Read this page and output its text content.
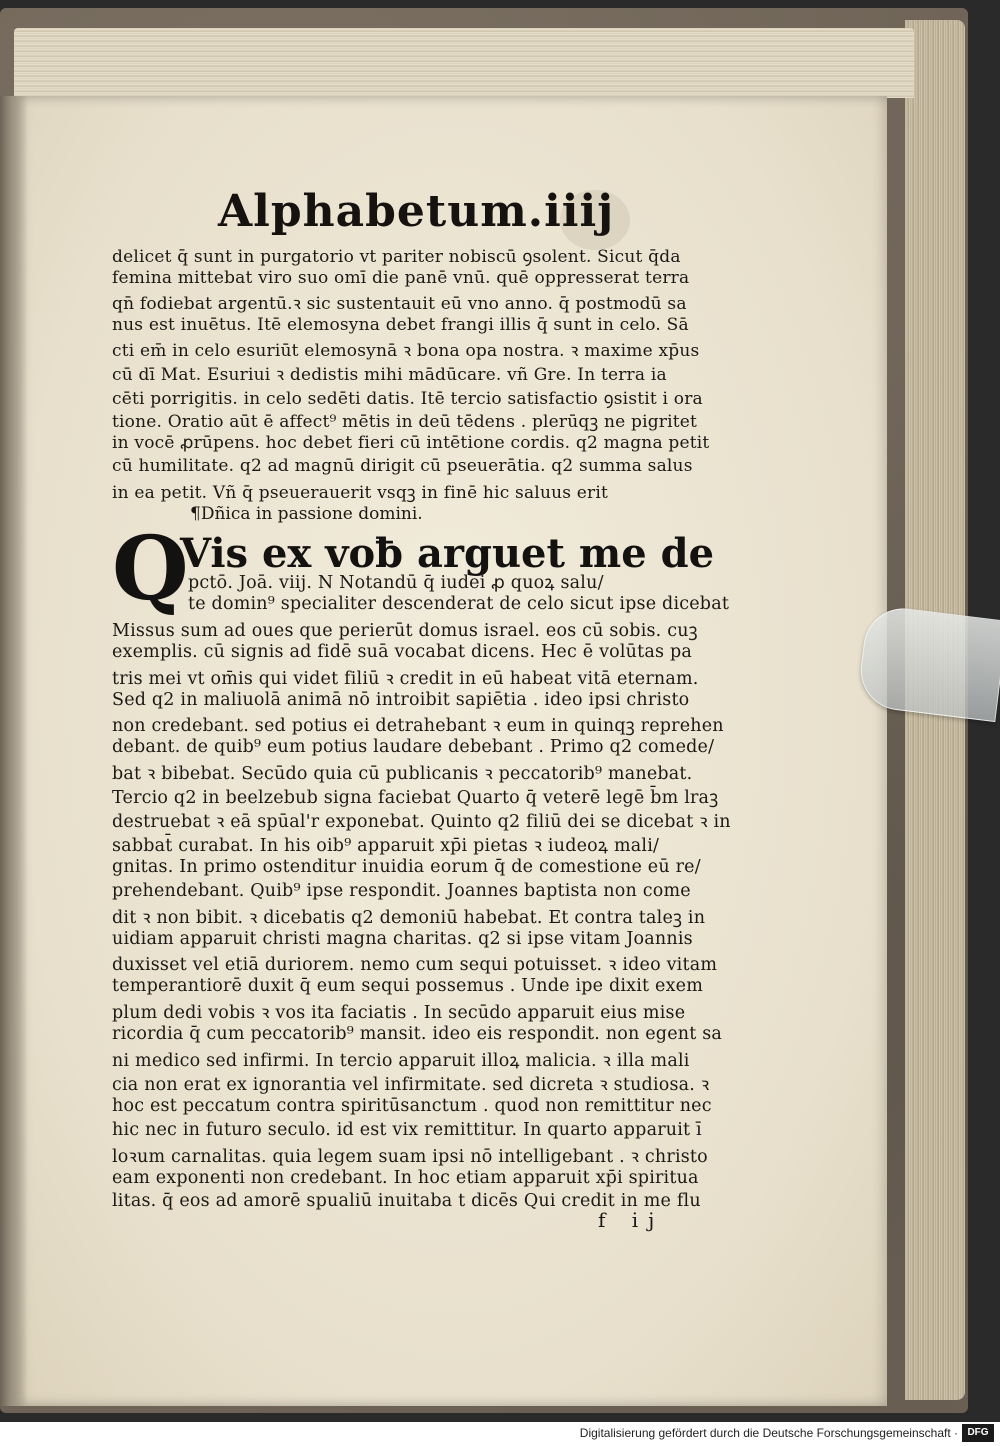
Alphabetum.iiij
delicet q̄ sunt in purgatorio vt pariter nobiscū ꝯsolent. Sicut q̄da
femina mittebat viro suo omī die panē vnū. quē oppresserat terra
qn̄ fodiebat argentū.ꝛ sic sustentauit eū vno anno. q̄ postmodū sa
nus est inuētus. Itē elemosyna debet frangi illis q̄ sunt in celo. Sā
cti em̄ in celo esuriūt elemosynā ꝛ bona opa nostra. ꝛ maxime xp̄us
cū dī Mat. Esuriui ꝛ dedistis mihi mādūcare. vñ Gre. In terra ia
cēti porrigitis. in celo sedēti datis. Itē tercio satisfactio ꝯsistit i ora
tione. Oratio aūt ē affect⁹ mētis in deū tēdens . plerūqꝫ ne pigritet
in vocē ꝓrūpens. hoc debet fieri cū intētione cordis. q2 magna petit
cū humilitate. q2 ad magnū dirigit cū pseuerātia. q2 summa salus
in ea petit. Vñ q̄ pseuerauerit vsqꝫ in finē hic saluus erit
¶Dñica in passione domini.
Q
Vis ex voƀ arguet me de
pctō. Joā. viij. N Notandū q̄ iudei ꝓ quoꝝ salu/
te domin⁹ specialiter descenderat de celo sicut ipse dicebat
Missus sum ad oues que perierūt domus israel. eos cū sobis. cuꝫ
exemplis. cū signis ad fidē suā vocabat dicens. Hec ē volūtas pa
tris mei vt om̄is qui videt filiū ꝛ credit in eū habeat vitā eternam.
Sed q2 in maliuolā animā nō introibit sapiētia . ideo ipsi christo
non credebant. sed potius ei detrahebant ꝛ eum in quinqꝫ reprehen
debant. de quib⁹ eum potius laudare debebant . Primo q2 comede/
bat ꝛ bibebat. Secūdo quia cū publicanis ꝛ peccatorib⁹ manebat.
Tercio q2 in beelzebub signa faciebat Quarto q̄ veterē legē b̄m lraꝫ
destruebat ꝛ eā spūal'r exponebat. Quinto q2 filiū dei se dicebat ꝛ in
sabbat̄ curabat. In his oib⁹ apparuit xp̄i pietas ꝛ iudeoꝝ mali/
gnitas. In primo ostenditur inuidia eorum q̄ de comestione eū re/
prehendebant. Quib⁹ ipse respondit. Joannes baptista non come
dit ꝛ non bibit. ꝛ dicebatis q2 demoniū habebat. Et contra taleꝫ in
uidiam apparuit christi magna charitas. q2 si ipse vitam Joannis
duxisset vel etiā duriorem. nemo cum sequi potuisset. ꝛ ideo vitam
temperantiorē duxit q̄ eum sequi possemus . Unde ipe dixit exem
plum dedi vobis ꝛ vos ita faciatis . In secūdo apparuit eius mise
ricordia q̄ cum peccatorib⁹ mansit. ideo eis respondit. non egent sa
ni medico sed infirmi. In tercio apparuit illoꝝ malicia. ꝛ illa mali
cia non erat ex ignorantia vel infirmitate. sed dicreta ꝛ studiosa. ꝛ
hoc est peccatum contra spiritūsanctum . quod non remittitur nec
hic nec in futuro seculo. id est vix remittitur. In quarto apparuit ī
loꝛum carnalitas. quia legem suam ipsi nō intelligebant . ꝛ christo
eam exponenti non credebant. In hoc etiam apparuit xp̄i spiritua
litas. q̄ eos ad amorē spualiū inuitaba t dicēs Qui credit in me flu
f ij
Digitalisierung gefördert durch die Deutsche Forschungsgemeinschaft · DFG
